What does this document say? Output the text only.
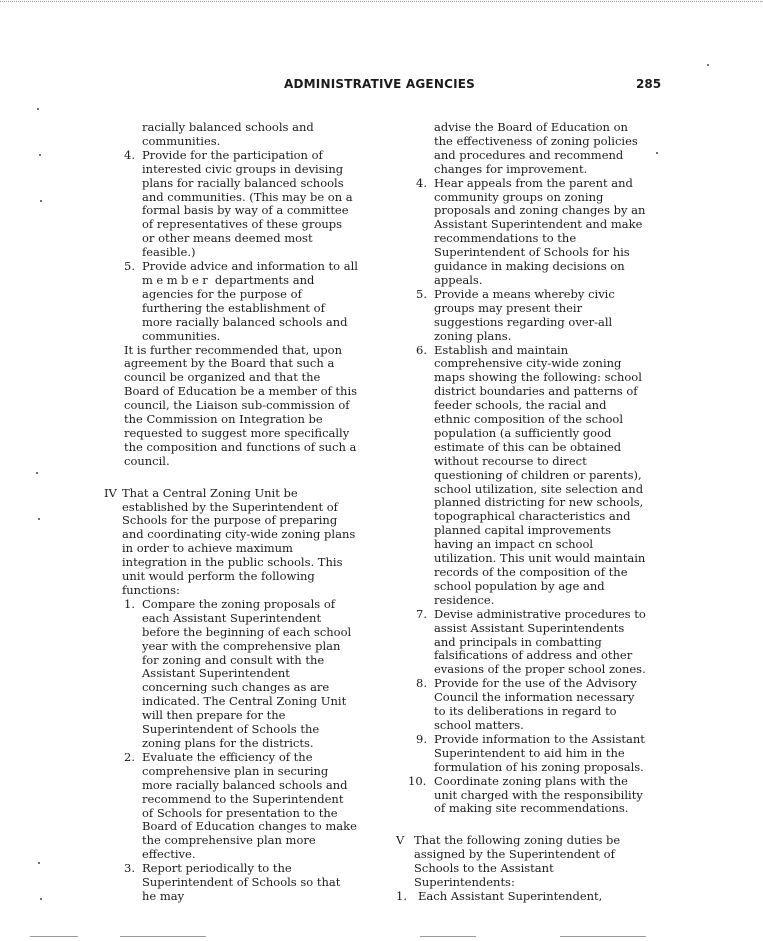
ADMINISTRATIVE AGENCIES	285

racially balanced schools and communities.

4. Provide for the participation of interested civic groups in devising plans for racially balanced schools and communities. (This may be on a formal basis by way of a committee of representatives of these groups or other means deemed most feasible.)
5. Provide advice and information to all member departments and agencies for the purpose of furthering the establishment of more racially balanced schools and communities.

It is further recommended that, upon agreement by the Board that such a council be organized and that the Board of Education be a member of this council, the Liaison sub-commission of the Commission on Integration be requested to suggest more specifically the composition and functions of such a council.

IV That a Central Zoning Unit be established by the Superintendent of Schools for the purpose of preparing and coordinating city-wide zoning plans in order to achieve maximum integration in the public schools. This unit would perform the following functions:
1. Compare the zoning proposals of each Assistant Superintendent before the beginning of each school year with the comprehensive plan for zoning and consult with the Assistant Superintendent concerning such changes as are indicated. The Central Zoning Unit will then prepare for the Superintendent of Schools the zoning plans for the districts.
2. Evaluate the efficiency of the comprehensive plan in securing more racially balanced schools and recommend to the Superintendent of Schools for presentation to the Board of Education changes to make the comprehensive plan more effective.
3. Report periodically to the Superintendent of Schools so that he may

advise the Board of Education on the effectiveness of zoning policies and procedures and recommend changes for improvement.

4. Hear appeals from the parent and community groups on zoning proposals and zoning changes by an Assistant Superintendent and make recommendations to the Superintendent of Schools for his guidance in making decisions on appeals.
5. Provide a means whereby civic groups may present their suggestions regarding over-all zoning plans.
6. Establish and maintain comprehensive city-wide zoning maps showing the following: school district boundaries and patterns of feeder schools, the racial and ethnic composition of the school population (a sufficiently good estimate of this can be obtained without recourse to direct questioning of children or parents), school utilization, site selection and planned districting for new schools, topographical characteristics and planned capital improvements having an impact cn school utilization. This unit would maintain records of the composition of the school population by age and residence.
7. Devise administrative procedures to assist Assistant Superintendents and principals in combatting falsifications of address and other evasions of the proper school zones.
8. Provide for the use of the Advisory Council the information necessary to its deliberations in regard to school matters.
9. Provide information to the Assistant Superintendent to aid him in the formulation of his zoning proposals.
10. Coordinate zoning plans with the unit charged with the responsibility of making site recommendations.
V That the following zoning duties be assigned by the Superintendent of Schools to the Assistant Superintendents:
1. Each Assistant Superintendent,
